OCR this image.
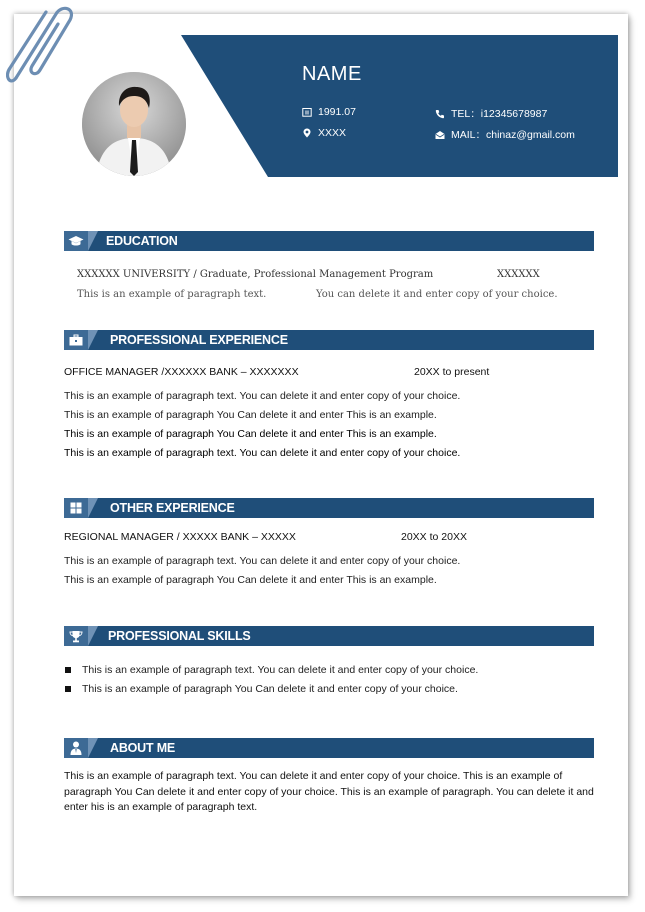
NAME
1991.07
XXXX
TEL：i12345678987
MAIL：chinaz@gmail.com
EDUCATION
XXXXXX UNIVERSITY / Graduate, Professional Management Program	XXXXXX
This is an example of paragraph text.	You can delete it and enter copy of your choice.
PROFESSIONAL EXPERIENCE
OFFICE MANAGER /XXXXXX BANK – XXXXXXX	20XX to present
This is an example of paragraph text. You can delete it and enter copy of your choice.
This is an example of paragraph You Can delete it and enter This is an example.
This is an example of paragraph You Can delete it and enter This is an example.
This is an example of paragraph text. You can delete it and enter copy of your choice.
OTHER EXPERIENCE
REGIONAL MANAGER / XXXXX BANK – XXXXX	20XX to 20XX
This is an example of paragraph text. You can delete it and enter copy of your choice.
This is an example of paragraph You Can delete it and enter This is an example.
PROFESSIONAL SKILLS
This is an example of paragraph text. You can delete it and enter copy of your choice.
This is an example of paragraph You Can delete it and enter copy of your choice.
ABOUT ME
This is an example of paragraph text. You can delete it and enter copy of your choice. This is an example of paragraph You Can delete it and enter copy of your choice. This is an example of paragraph. You can delete it and enter his is an example of paragraph text.
